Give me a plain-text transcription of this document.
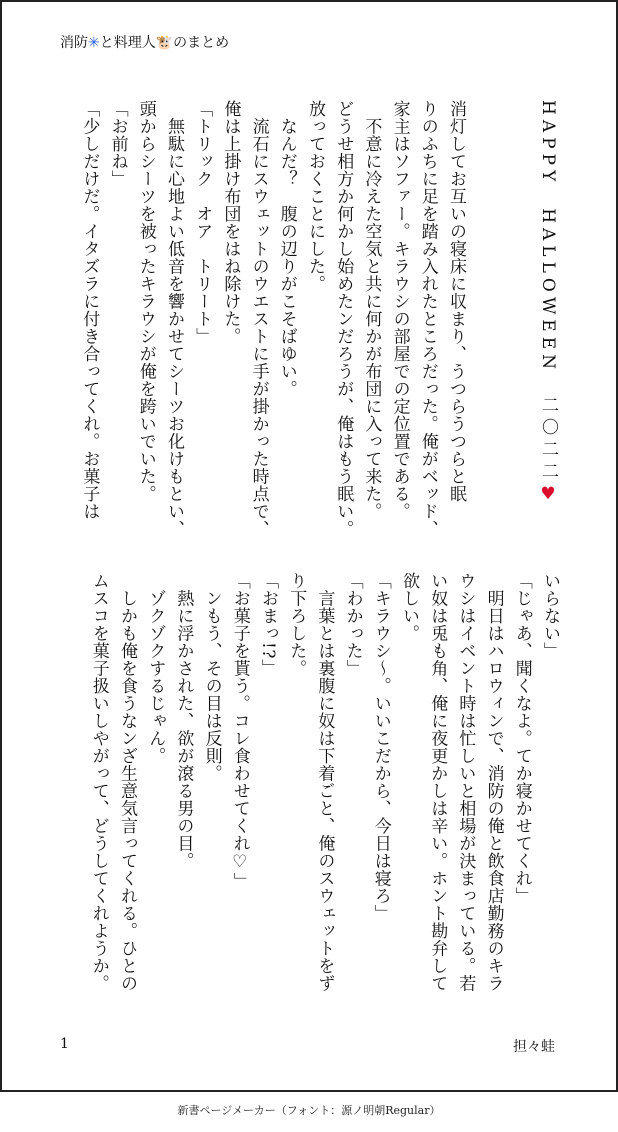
消防✳と料理人🐮のまとめ
HAPPY　HALLOWEEN　二〇二二♥
消灯してお互いの寝床に収まり、うつらうつらと眠
りのふちに足を踏み入れたところだった。俺がベッド、
家主はソファー。キラウシの部屋での定位置である。
　不意に冷えた空気と共に何かが布団に入って来た。
どうせ相方か何かし始めたンだろうが、俺はもう眠い。
放っておくことにした。
　なんだ？　腹の辺りがこそばゆい。
　流石にスウェットのウエストに手が掛かった時点で、
俺は上掛け布団をはね除けた。
「トリック　オア　トリート」
　無駄に心地よい低音を響かせてシーツお化けもとい、
頭からシーツを被ったキラウシが俺を跨いでいた。
「お前ね」
「少しだけだ。イタズラに付き合ってくれ。お菓子は
いらない」
「じゃあ、聞くなよ。てか寝かせてくれ」
　明日はハロウィンで、消防の俺と飲食店勤務のキラ
ウシはイベント時は忙しいと相場が決まっている。若
い奴は兎も角、俺に夜更かしは辛い。ホント勘弁して
欲しい。
「キラウシ〜。いいこだから、今日は寝ろ」
「わかった」
　言葉とは裏腹に奴は下着ごと、俺のスウェットをず
り下ろした。
「おまっ!?」
「お菓子を貰う。コレ食わせてくれ♡」
　ンもう、その目は反則。
　熱に浮かされた、欲が滾る男の目。
　ゾクゾクするじゃん。
　しかも俺を食うなンざ生意気言ってくれる。ひとの
ムスコを菓子扱いしやがって、どうしてくれようか。
1	担々蛙
新書ページメーカー（フォント：源ノ明朝Regular）
